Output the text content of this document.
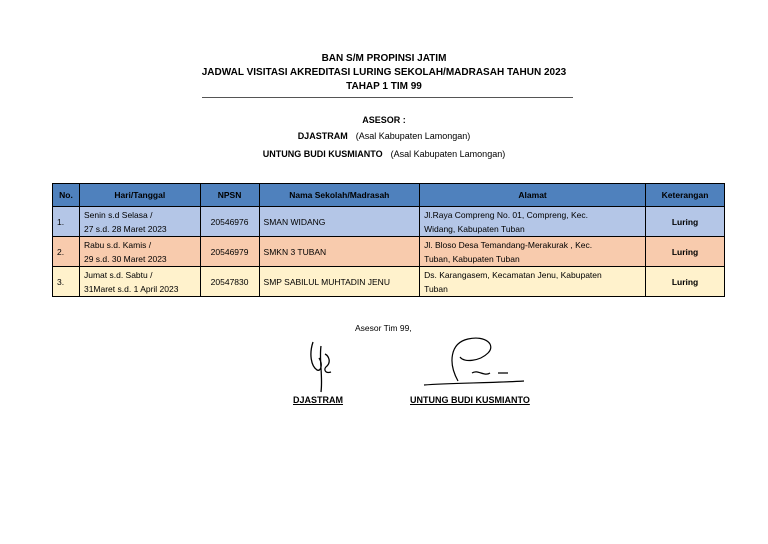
BAN S/M PROPINSI JATIM
JADWAL VISITASI AKREDITASI LURING SEKOLAH/MADRASAH TAHUN 2023
TAHAP 1 TIM 99
ASESOR :
DJASTRAM (Asal Kabupaten Lamongan)
UNTUNG BUDI KUSMIANTO (Asal Kabupaten Lamongan)
No.	Hari/Tanggal	NPSN	Nama Sekolah/Madrasah	Alamat	Keterangan
1.	Senin s.d Selasa /
27 s.d. 28 Maret 2023	20546976	SMAN WIDANG	Jl.Raya Compreng No. 01, Compreng, Kec.
Widang, Kabupaten Tuban	Luring
2.	Rabu s.d. Kamis /
29 s.d. 30 Maret 2023	20546979	SMKN 3 TUBAN	Jl. Bloso Desa Temandang-Merakurak , Kec.
Tuban, Kabupaten Tuban	Luring
3.	Jumat s.d. Sabtu /
31Maret s.d. 1 April 2023	20547830	SMP SABILUL MUHTADIN JENU	Ds. Karangasem, Kecamatan Jenu, Kabupaten
Tuban	Luring
Asesor Tim 99,
DJASTRAM	UNTUNG BUDI KUSMIANTO
